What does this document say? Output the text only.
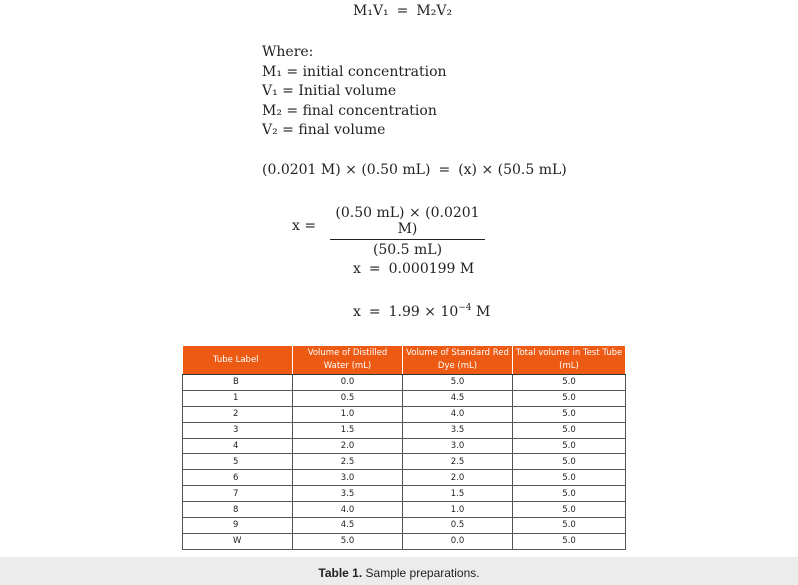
M₁V₁ = M₂V₂
Where:
M₁ = initial concentration
V₁ = Initial volume
M₂ = final concentration
V₂ = final volume
(0.0201 M) × (0.50 mL) = (x) × (50.5 mL)
$x = \frac{(0.50 mL) \times (0.0201 M)}{(50.5 mL)}$
x = 0.000199 M
$x = 1.99 \times 10^{-4}$ M
Tube Label	Volume of Distilled Water (mL)	Volume of Standard Red Dye (mL)	Total volume in Test Tube (mL)
B	0.0	5.0	5.0
1	0.5	4.5	5.0
2	1.0	4.0	5.0
3	1.5	3.5	5.0
4	2.0	3.0	5.0
5	2.5	2.5	5.0
6	3.0	2.0	5.0
7	3.5	1.5	5.0
8	4.0	1.0	5.0
9	4.5	0.5	5.0
W	5.0	0.0	5.0
Table 1. Sample preparations.
